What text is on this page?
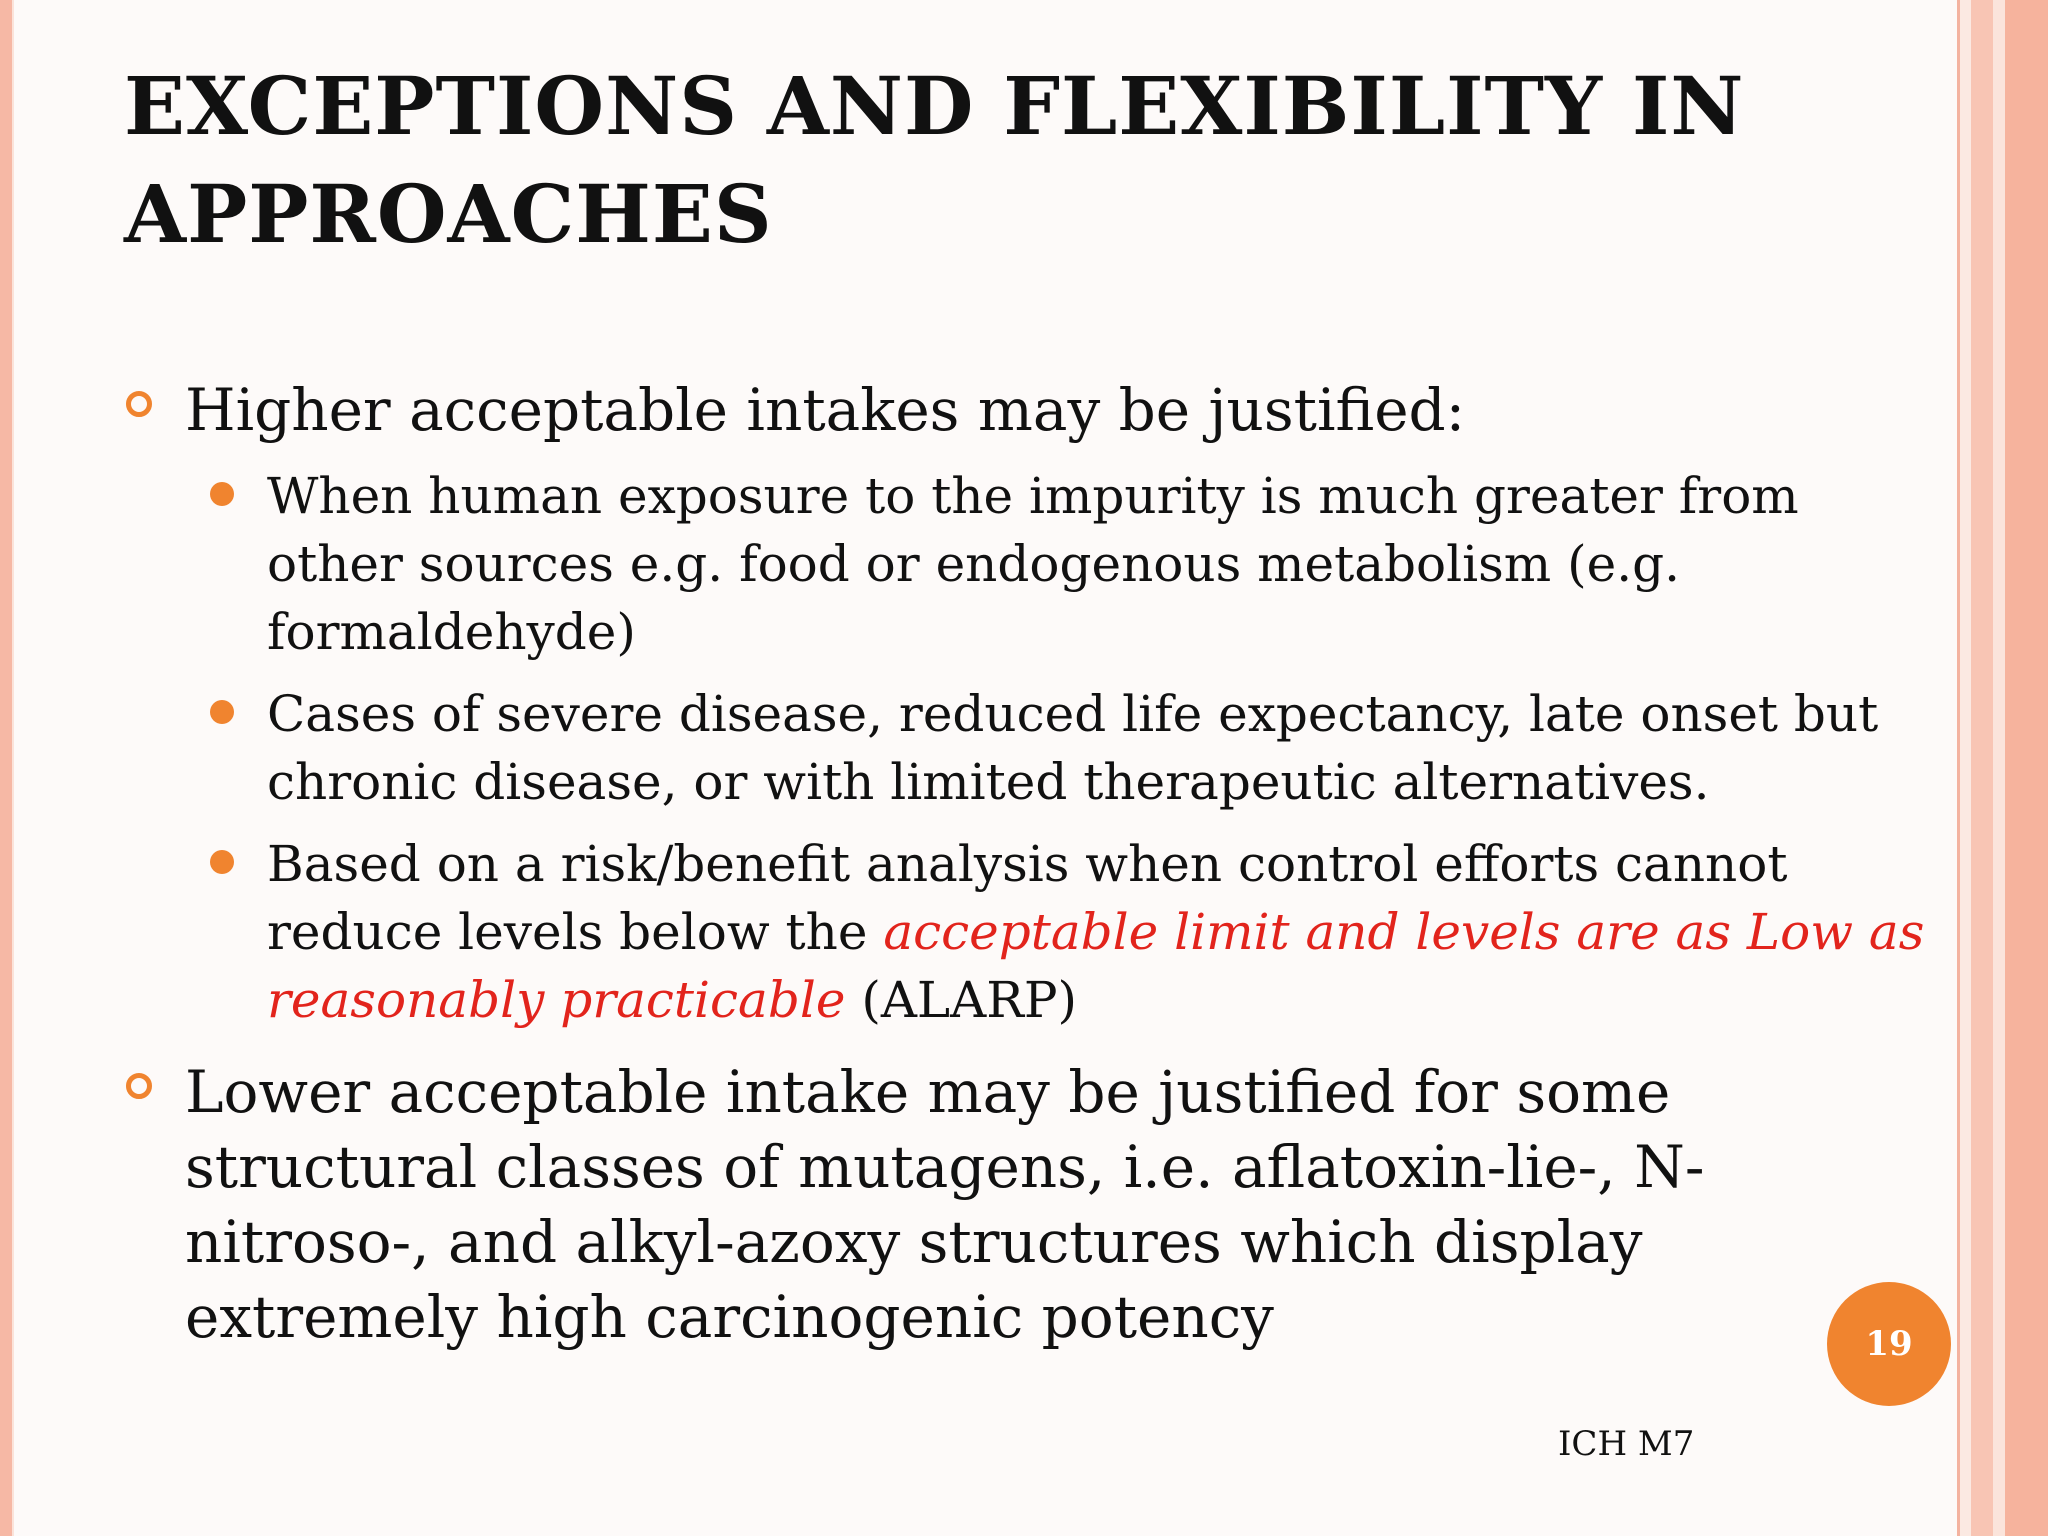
EXCEPTIONS AND FLEXIBILITY IN APPROACHES

Higher acceptable intakes may be justified:

When human exposure to the impurity is much greater from other sources e.g. food or endogenous metabolism (e.g. formaldehyde)

Cases of severe disease, reduced life expectancy, late onset but chronic disease, or with limited therapeutic alternatives.

Based on a risk/benefit analysis when control efforts cannot reduce levels below the acceptable limit and levels are as Low as reasonably practicable (ALARP)

Lower acceptable intake may be justified for some structural classes of mutagens, i.e. aflatoxin-lie-, N-nitroso-, and alkyl-azoxy structures which display extremely high carcinogenic potency	19
ICH M7
